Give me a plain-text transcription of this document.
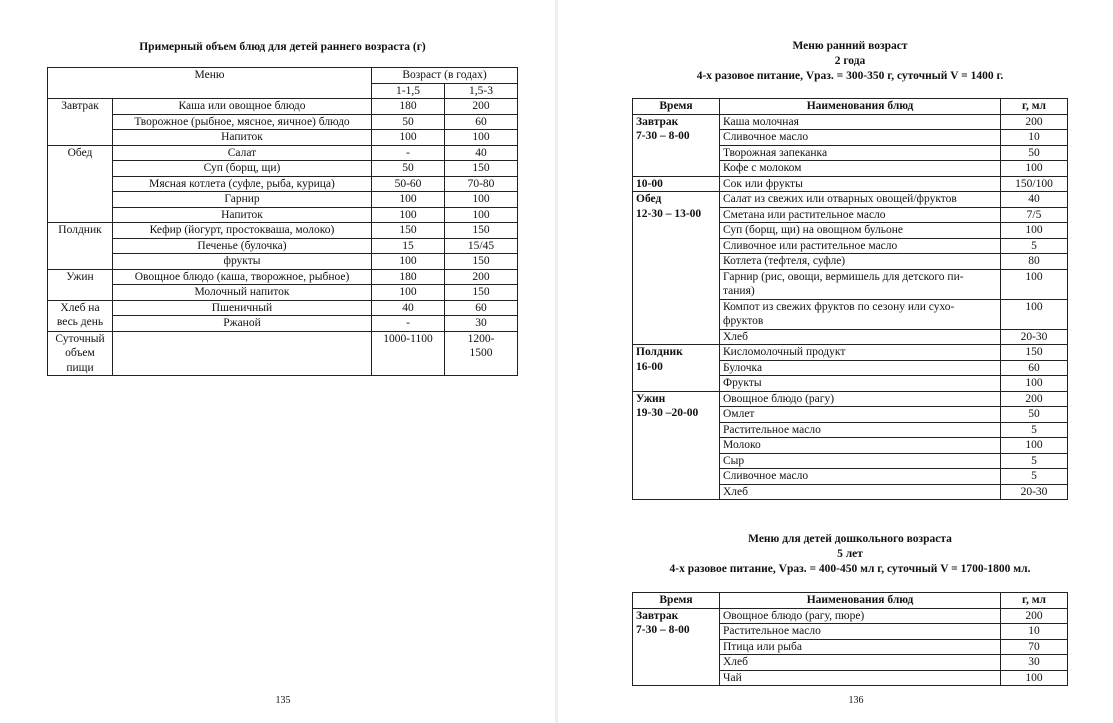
Примерный объем блюд для детей раннего возраста (г)
Меню		Возраст (в годах)	
		1-1,5	1,5-3
Завтрак	Каша или овощное блюдо	180	200
	Творожное (рыбное, мясное, яичное) блюдо	50	60
	Напиток	100	100
Обед	Салат	-	40
	Суп (борщ, щи)	50	150
	Мясная котлета (суфле, рыба, курица)	50-60	70-80
	Гарнир	100	100
	Напиток	100	100
Полдник	Кефир (йогурт, простокваша, молоко)	150	150
	Печенье (булочка)	15	15/45
	фрукты	100	150
Ужин	Овощное блюдо (каша, творожное, рыбное)	180	200
	Молочный напиток	100	150
Хлеб на
весь день	Пшеничный	40	60
	Ржаной	-	30
Суточный
объем
пищи		1000-1100	1200-
1500
135
Меню ранний возраст
2 года
4-х разовое питание, Vраз. = 300-350 г, суточный V = 1400 г.
Меню для детей дошкольного возраста
5 лет
4-х разовое питание, Vраз. = 400-450 мл г, суточный V = 1700-1800 мл.
136
Время	Наименования блюд	г, мл
Завтрак
7-30 – 8-00	Каша молочная	200
	Сливочное масло	10
	Творожная запеканка	50
	Кофе с молоком	100
10-00	Сок или фрукты	150/100
Обед
12-30 – 13-00	Салат из свежих или отварных овощей/фруктов	40
	Сметана или растительное масло	7/5
	Суп (борщ, щи) на овощном бульоне	100
	Сливочное или растительное масло	5
	Котлета (тефтеля, суфле)	80
	Гарнир (рис, овощи, вермишель для детского пи-
тания)	100
	Компот из свежих фруктов по сезону или сухо-
фруктов	100
	Хлеб	20-30
Полдник
16-00	Кисломолочный продукт	150
	Булочка	60
	Фрукты	100
Ужин
19-30 –20-00	Овощное блюдо (рагу)	200
	Омлет	50
	Растительное масло	5
	Молоко	100
	Сыр	5
	Сливочное масло	5
	Хлеб	20-30
Время	Наименования блюд	г, мл
Завтрак
7-30 – 8-00	Овощное блюдо (рагу, пюре)	200
	Растительное масло	10
	Птица или рыба	70
	Хлеб	30
	Чай	100
